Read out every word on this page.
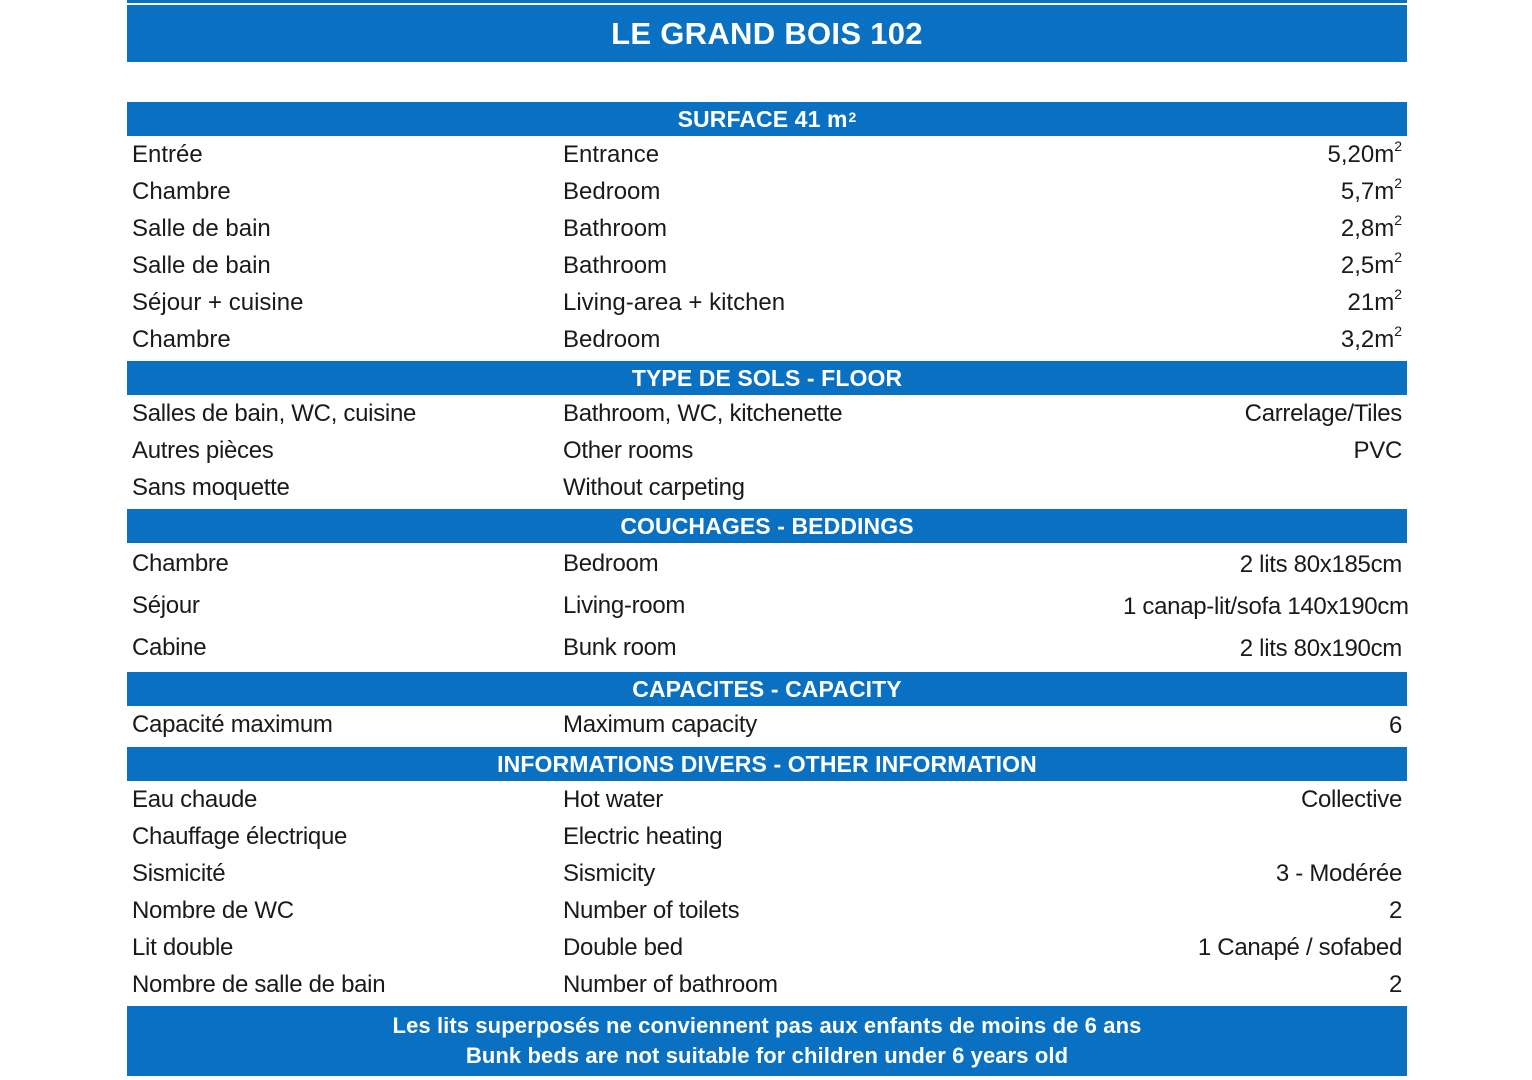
LE GRAND BOIS 102
SURFACE 41 $m^2$
Entrée	Entrance	$5,20m^2$
Chambre	Bedroom	$5,7m^2$
Salle de bain	Bathroom	$2,8m^2$
Salle de bain	Bathroom	$2,5m^2$
Séjour + cuisine	Living-area + kitchen	$21m^2$
Chambre	Bedroom	$3,2m^2$
TYPE DE SOLS - FLOOR
Salles de bain, WC, cuisine	Bathroom, WC, kitchenette	Carrelage/Tiles
Autres pièces	Other rooms	PVC
Sans moquette	Without carpeting
COUCHAGES - BEDDINGS
Chambre	Bedroom	2 lits 80x185cm
Séjour	Living-room	1 canap-lit/sofa 140x190cm
Cabine	Bunk room	2 lits 80x190cm
CAPACITES - CAPACITY
Capacité maximum	Maximum capacity	6
INFORMATIONS DIVERS - OTHER INFORMATION
Eau chaude	Hot water	Collective
Chauffage électrique	Electric heating
Sismicité	Sismicity	3 - Modérée
Nombre de WC	Number of toilets	2
Lit double	Double bed	1 Canapé / sofabed
Nombre de salle de bain	Number of bathroom	2
Les lits superposés ne conviennent pas aux enfants de moins de 6 ans
Bunk beds are not suitable for children under 6 years old
